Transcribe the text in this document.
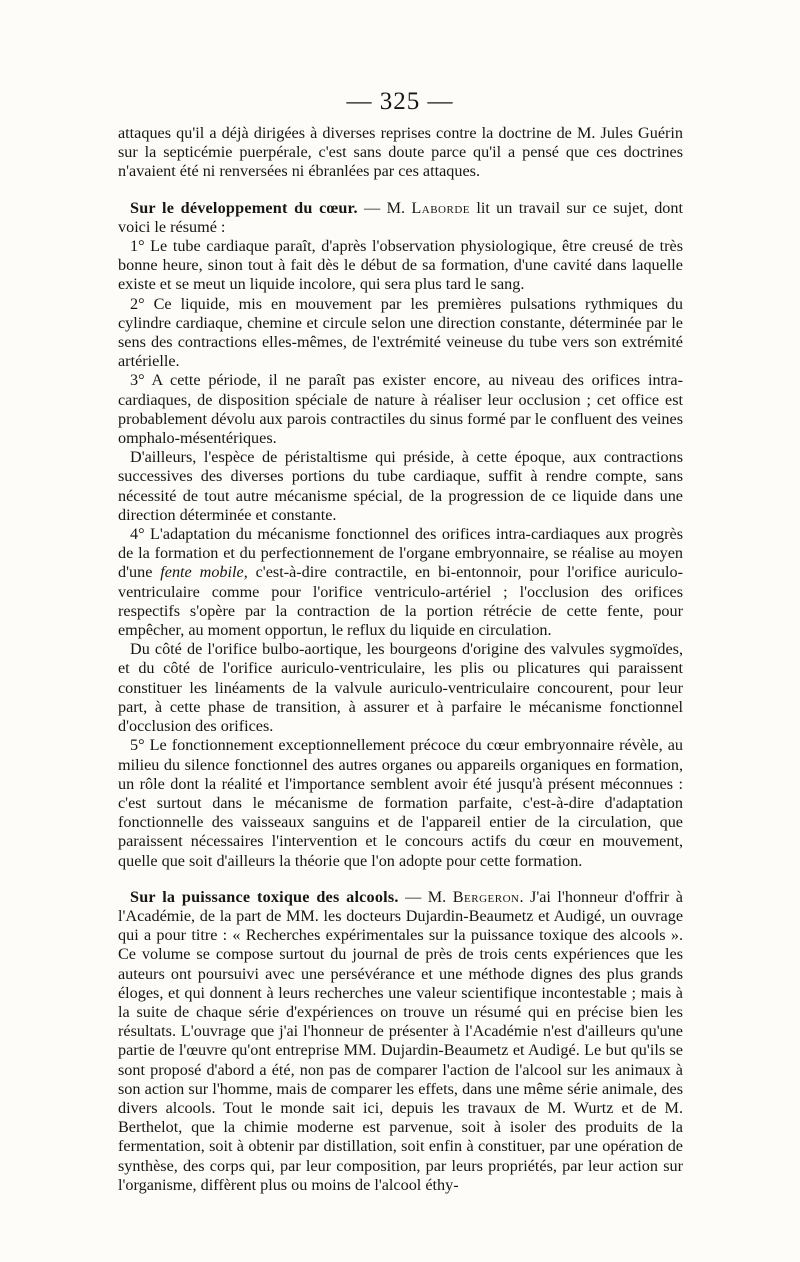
— 325 —

attaques qu'il a déjà dirigées à diverses reprises contre la doctrine de M. Jules Guérin sur la septicémie puerpérale, c'est sans doute parce qu'il a pensé que ces doctrines n'avaient été ni renversées ni ébranlées par ces attaques.

Sur le développement du cœur. — M. Laborde lit un travail sur ce sujet, dont voici le résumé :

1° Le tube cardiaque paraît, d'après l'observation physiologique, être creusé de très bonne heure, sinon tout à fait dès le début de sa formation, d'une cavité dans laquelle existe et se meut un liquide incolore, qui sera plus tard le sang.

2° Ce liquide, mis en mouvement par les premières pulsations rythmiques du cylindre cardiaque, chemine et circule selon une direction constante, déterminée par le sens des contractions elles-mêmes, de l'extrémité veineuse du tube vers son extrémité artérielle.

3° A cette période, il ne paraît pas exister encore, au niveau des orifices intra-cardiaques, de disposition spéciale de nature à réaliser leur occlusion ; cet office est probablement dévolu aux parois contractiles du sinus formé par le confluent des veines omphalo-mésentériques.

D'ailleurs, l'espèce de péristaltisme qui préside, à cette époque, aux contractions successives des diverses portions du tube cardiaque, suffit à rendre compte, sans nécessité de tout autre mécanisme spécial, de la progression de ce liquide dans une direction déterminée et constante.

4° L'adaptation du mécanisme fonctionnel des orifices intra-cardiaques aux progrès de la formation et du perfectionnement de l'organe embryonnaire, se réalise au moyen d'une fente mobile, c'est-à-dire contractile, en bi-entonnoir, pour l'orifice auriculo-ventriculaire comme pour l'orifice ventriculo-artériel ; l'occlusion des orifices respectifs s'opère par la contraction de la portion rétrécie de cette fente, pour empêcher, au moment opportun, le reflux du liquide en circulation.

Du côté de l'orifice bulbo-aortique, les bourgeons d'origine des valvules sygmoïdes, et du côté de l'orifice auriculo-ventriculaire, les plis ou plicatures qui paraissent constituer les linéaments de la valvule auriculo-ventriculaire concourent, pour leur part, à cette phase de transition, à assurer et à parfaire le mécanisme fonctionnel d'occlusion des orifices.

5° Le fonctionnement exceptionnellement précoce du cœur embryonnaire révèle, au milieu du silence fonctionnel des autres organes ou appareils organiques en formation, un rôle dont la réalité et l'importance semblent avoir été jusqu'à présent méconnues : c'est surtout dans le mécanisme de formation parfaite, c'est-à-dire d'adaptation fonctionnelle des vaisseaux sanguins et de l'appareil entier de la circulation, que paraissent nécessaires l'intervention et le concours actifs du cœur en mouvement, quelle que soit d'ailleurs la théorie que l'on adopte pour cette formation.

Sur la puissance toxique des alcools. — M. Bergeron. J'ai l'honneur d'offrir à l'Académie, de la part de MM. les docteurs Dujardin-Beaumetz et Audigé, un ouvrage qui a pour titre : « Recherches expérimentales sur la puissance toxique des alcools ». Ce volume se compose surtout du journal de près de trois cents expériences que les auteurs ont poursuivi avec une persévérance et une méthode dignes des plus grands éloges, et qui donnent à leurs recherches une valeur scientifique incontestable ; mais à la suite de chaque série d'expériences on trouve un résumé qui en précise bien les résultats. L'ouvrage que j'ai l'honneur de présenter à l'Académie n'est d'ailleurs qu'une partie de l'œuvre qu'ont entreprise MM. Dujardin-Beaumetz et Audigé. Le but qu'ils se sont proposé d'abord a été, non pas de comparer l'action de l'alcool sur les animaux à son action sur l'homme, mais de comparer les effets, dans une même série animale, des divers alcools. Tout le monde sait ici, depuis les travaux de M. Wurtz et de M. Berthelot, que la chimie moderne est parvenue, soit à isoler des produits de la fermentation, soit à obtenir par distillation, soit enfin à constituer, par une opération de synthèse, des corps qui, par leur composition, par leurs propriétés, par leur action sur l'organisme, diffèrent plus ou moins de l'alcool éthy-
